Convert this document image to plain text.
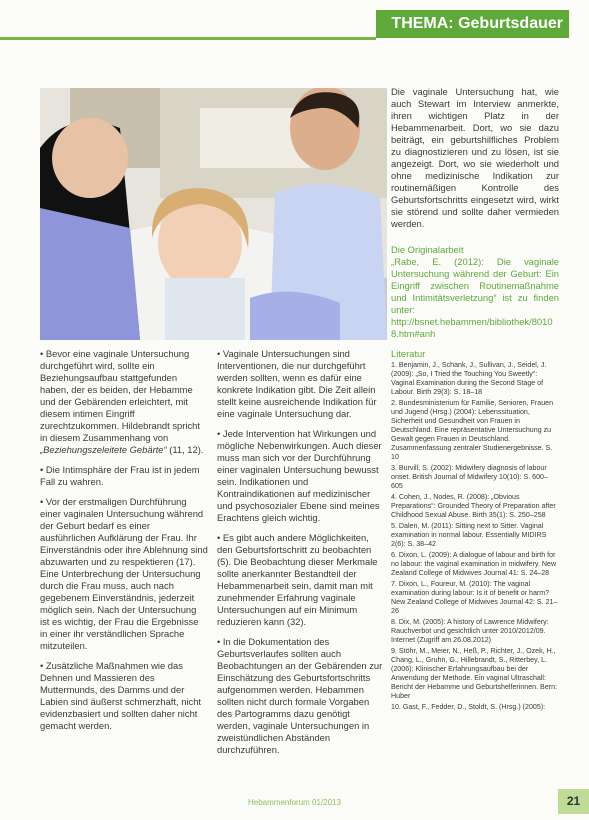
THEMA: Geburtsdauer

• Bevor eine vaginale Untersuchung durchgeführt wird, sollte ein Beziehungsaufbau stattgefunden haben, der es beiden, der Hebamme und der Gebärenden erleichtert, mit diesem intimen Eingriff zurechtzukommen. Hildebrandt spricht in diesem Zusammenhang von „Beziehungszeleitete Gebärte“ (11, 12).

• Die Intimsphäre der Frau ist in jedem Fall zu wahren.

• Vor der erstmaligen Durchführung einer vaginalen Untersuchung während der Geburt bedarf es einer ausführlichen Aufklärung der Frau. Ihr Einverständnis oder ihre Ablehnung sind abzuwarten und zu respektieren (17). Eine Unterbrechung der Untersuchung durch die Frau muss, auch nach gegebenem Einverständnis, jederzeit möglich sein. Nach der Untersuchung ist es wichtig, der Frau die Ergebnisse in einer ihr verständlichen Sprache mitzuteilen.

• Zusätzliche Maßnahmen wie das Dehnen und Massieren des Muttermunds, des Damms und der Labien sind äußerst schmerzhaft, nicht evidenzbasiert und sollten daher nicht gemacht werden.

• Vaginale Untersuchungen sind Interventionen, die nur durchgeführt werden sollten, wenn es dafür eine konkrete Indikation gibt. Die Zeit allein stellt keine ausreichende Indikation für eine vaginale Untersuchung dar.

• Jede Intervention hat Wirkungen und mögliche Nebenwirkungen. Auch dieser muss man sich vor der Durchführung einer vaginalen Untersuchung bewusst sein. Indikationen und Kontraindikationen auf medizinischer und psychosozialer Ebene sind meines Erachtens gleich wichtig.

• Es gibt auch andere Möglichkeiten, den Geburtsfortschritt zu beobachten (5). Die Beobachtung dieser Merkmale sollte anerkannter Bestandteil der Hebammenarbeit sein, damit man mit zunehmender Erfahrung vaginale Untersuchungen auf ein Minimum reduzieren kann (32).

• In die Dokumentation des Geburtsverlaufes sollten auch Beobachtungen an der Gebärenden zur Einschätzung des Geburtsfortschritts aufgenommen werden. Hebammen sollten nicht durch formale Vorgaben des Partogramms dazu genötigt werden, vaginale Untersuchungen in zweistündlichen Abständen durchzuführen.

Die vaginale Untersuchung hat, wie auch Stewart im Interview anmerkte, ihren wichtigen Platz in der Hebammenarbeit. Dort, wo sie dazu beiträgt, ein geburtshilfliches Problem zu diagnostizieren und zu lösen, ist sie angezeigt. Dort, wo sie wiederholt und ohne medizinische Indikation zur routinemäßigen Kontrolle des Geburtsfortschritts eingesetzt wird, wirkt sie störend und sollte daher vermieden werden.

Die Originalarbeit
„Rabe, E. (2012): Die vaginale Untersuchung während der Geburt: Ein Eingriff zwischen Routinemaßnahme und Intimitätsverletzung“ ist zu finden unter: http://bsnet.hebammen/bibliothek/8010 8.htm#anh
Literatur

1. Benjamin, J., Schank, J., Sullivan, J., Seidel, J. (2009): „So, I Tried the Touching You Sweetly“: Vaginal Examination during the Second Stage of Labour. Birth 29(3): S. 18–18

2. Bundesministerium für Familie, Senioren, Frauen und Jugend (Hrsg.) (2004): Lebenssituation, Sicherheit und Gesundheit von Frauen in Deutschland. Eine repräsentative Untersuchung zu Gewalt gegen Frauen in Deutschland. Zusammenfassung zentraler Studienergebnisse. S. 10

3. Burvill, S. (2002): Midwifery diagnosis of labour onset. British Journal of Midwifery 10(10): S. 600–605

4. Cohen, J., Nodes, R. (2008): „Obvious Preparations“: Grounded Theory of Preparation after Childhood Sexual Abuse. Birth 35(1): S. 250–258

5. Dalen, M. (2011): Sitting next to Sitter. Vaginal examination in normal labour. Essentially MIDIRS 2(6): S. 38–42

6. Dixon, L. (2009): A dialogue of labour and birth for no labour: the vaginal examination in midwifery. New Zealand College of Midwives Journal 41: S. 24–28

7. Dixon, L., Foureur, M. (2010): The vaginal examination during labour: Is it of benefit or harm? New Zealand College of Midwives Journal 42: S. 21–26

8. Dix, M. (2005): A history of Lawrence Midwifery: Rauchverbot und gesichtlich unter 2010/2012/09. Internet (Zugriff am 26.08.2012)

9. Stöhr, M., Meier, N., Heß, P., Richter, J., Ozek, H., Chang, L., Gruhn, G., Hillebrandt, S., Ritterbey, L. (2006): Klinischer Erfahrungsaufbau bei der Anwendung der Methode. Ein vaginal Ultraschall: Bericht der Hebamme und Geburtshelferinnen. Bern: Huber

10. Gast, F., Fedder, D., Stoldt, S. (Hrsg.) (2005):

Hebammenforum 01/2013	21
